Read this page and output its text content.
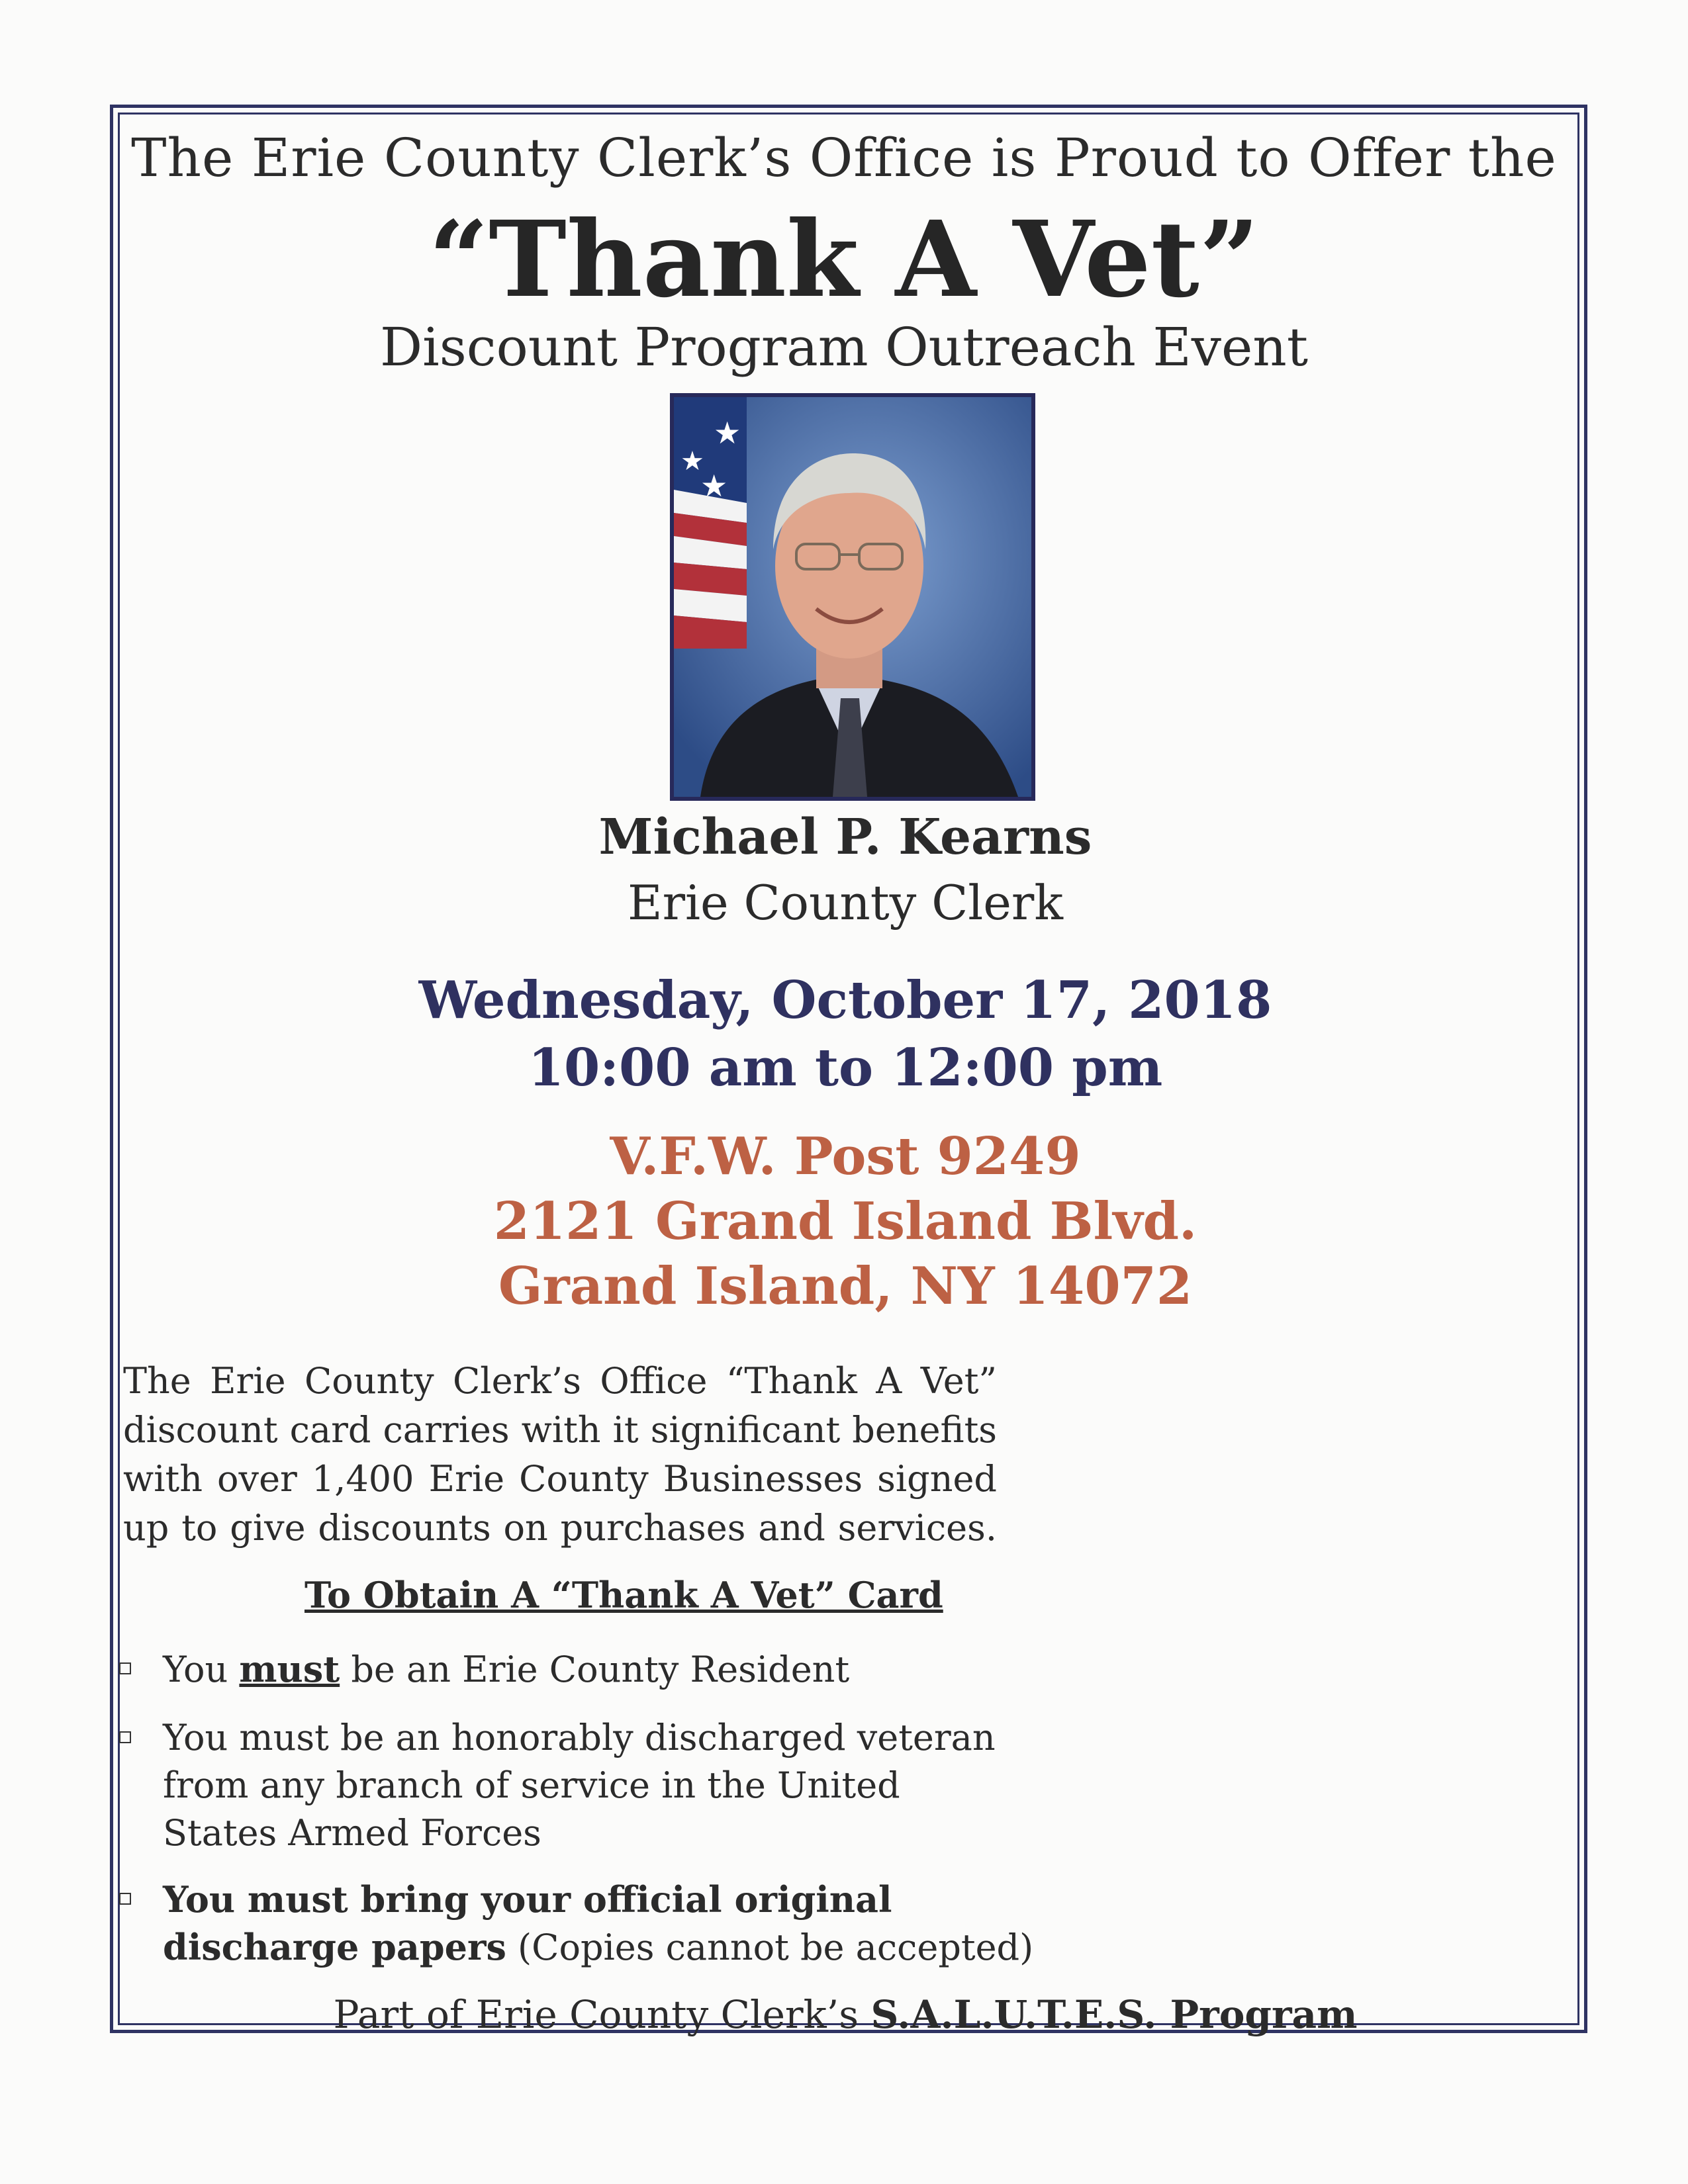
The Erie County Clerk’s Office is Proud to Offer the
“Thank A Vet”
Discount Program Outreach Event
★
★
★
Michael P. Kearns
Erie County Clerk
Wednesday, October 17, 2018
10:00 am to 12:00 pm
V.F.W. Post 9249
2121 Grand Island Blvd.
Grand Island, NY 14072
The Erie County Clerk’s Office “Thank A Vet”
discount card carries with it significant benefits
with over 1,400 Erie County Businesses signed
up to give discounts on purchases and services.
To Obtain A “Thank A Vet” Card
You must be an Erie County Resident
You must be an honorably discharged veteran
from any branch of service in the United
States Armed Forces
You must bring your official original
discharge papers (Copies cannot be accepted)
Part of Erie County Clerk’s S.A.L.U.T.E.S. Program
